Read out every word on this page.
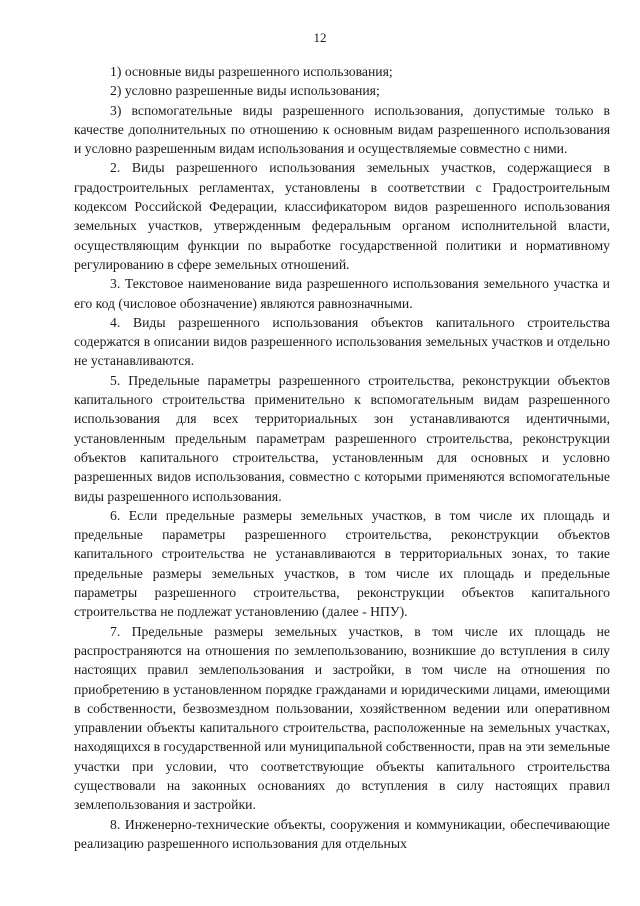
12

1) основные виды разрешенного использования;

2) условно разрешенные виды использования;

3) вспомогательные виды разрешенного использования, допустимые только в качестве дополнительных по отношению к основным видам разрешенного использования и условно разрешенным видам использования и осуществляемые совместно с ними.

2. Виды разрешенного использования земельных участков, содержащиеся в градостроительных регламентах, установлены в соответствии с Градостроительным кодексом Российской Федерации, классификатором видов разрешенного использования земельных участков, утвержденным федеральным органом исполнительной власти, осуществляющим функции по выработке государственной политики и нормативному регулированию в сфере земельных отношений.

3. Текстовое наименование вида разрешенного использования земельного участка и его код (числовое обозначение) являются равнозначными.

4. Виды разрешенного использования объектов капитального строительства содержатся в описании видов разрешенного использования земельных участков и отдельно не устанавливаются.

5. Предельные параметры разрешенного строительства, реконструкции объектов капитального строительства применительно к вспомогательным видам разрешенного использования для всех территориальных зон устанавливаются идентичными, установленным предельным параметрам разрешенного строительства, реконструкции объектов капитального строительства, установленным для основных и условно разрешенных видов использования, совместно с которыми применяются вспомогательные виды разрешенного использования.

6. Если предельные размеры земельных участков, в том числе их площадь и предельные параметры разрешенного строительства, реконструкции объектов капитального строительства не устанавливаются в территориальных зонах, то такие предельные размеры земельных участков, в том числе их площадь и предельные параметры разрешенного строительства, реконструкции объектов капитального строительства не подлежат установлению (далее - НПУ).

7. Предельные размеры земельных участков, в том числе их площадь не распространяются на отношения по землепользованию, возникшие до вступления в силу настоящих правил землепользования и застройки, в том числе на отношения по приобретению в установленном порядке гражданами и юридическими лицами, имеющими в собственности, безвозмездном пользовании, хозяйственном ведении или оперативном управлении объекты капитального строительства, расположенные на земельных участках, находящихся в государственной или муниципальной собственности, прав на эти земельные участки при условии, что соответствующие объекты капитального строительства существовали на законных основаниях до вступления в силу настоящих правил землепользования и застройки.

8. Инженерно-технические объекты, сооружения и коммуникации, обеспечивающие реализацию разрешенного использования для отдельных
